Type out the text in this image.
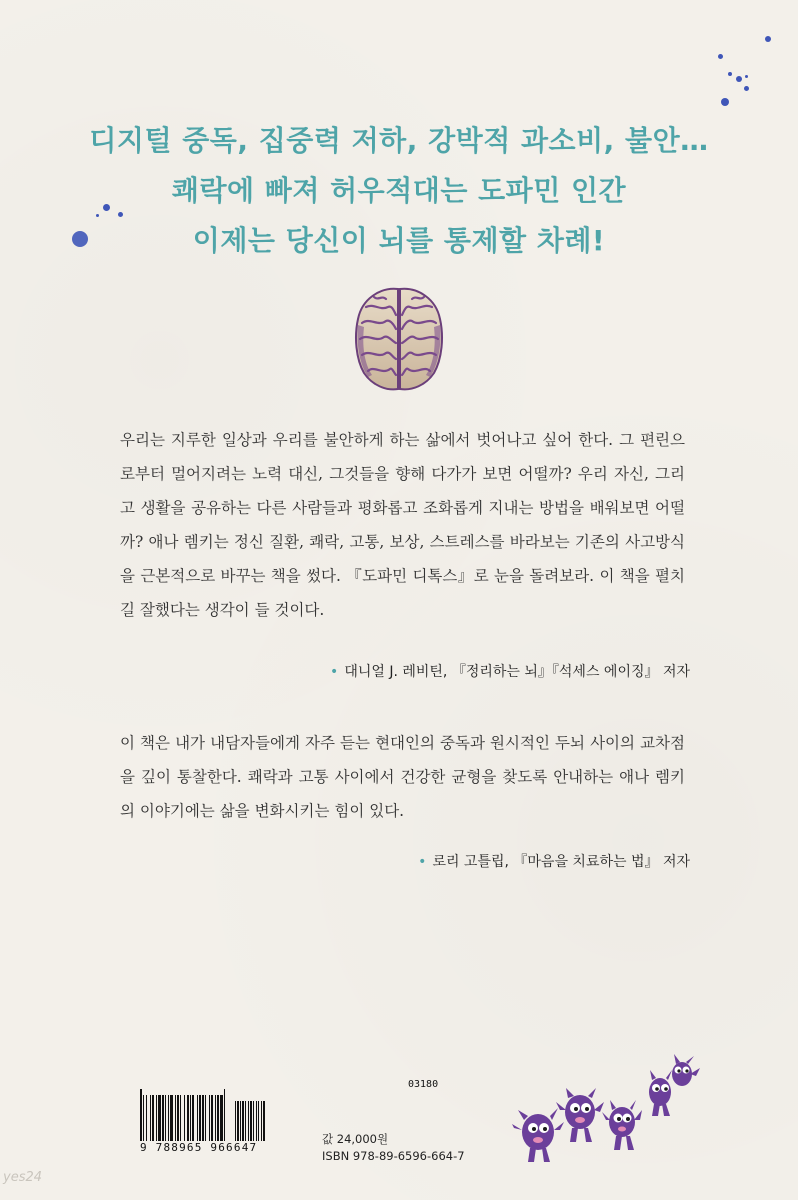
디지털 중독, 집중력 저하, 강박적 과소비, 불안…
쾌락에 빠져 허우적대는 도파민 인간
이제는 당신이 뇌를 통제할 차례!

우리는 지루한 일상과 우리를 불안하게 하는 삶에서 벗어나고 싶어 한다. 그 편린으로부터 멀어지려는 노력 대신, 그것들을 향해 다가가 보면 어떨까? 우리 자신, 그리고 생활을 공유하는 다른 사람들과 평화롭고 조화롭게 지내는 방법을 배워보면 어떨까? 애나 렘키는 정신 질환, 쾌락, 고통, 보상, 스트레스를 바라보는 기존의 사고방식을 근본적으로 바꾸는 책을 썼다. 『도파민 디톡스』로 눈을 돌려보라. 이 책을 펼치길 잘했다는 생각이 들 것이다.

• 대니얼 J. 레비틴, 『정리하는 뇌』『석세스 에이징』 저자

이 책은 내가 내담자들에게 자주 듣는 현대인의 중독과 원시적인 두뇌 사이의 교차점을 깊이 통찰한다. 쾌락과 고통 사이에서 건강한 균형을 찾도록 안내하는 애나 렘키의 이야기에는 삶을 변화시키는 힘이 있다.

• 로리 고틀립, 『마음을 치료하는 법』 저자
03180
9 788965 966647
값 24,000원
ISBN 978-89-6596-664-7
yes24
